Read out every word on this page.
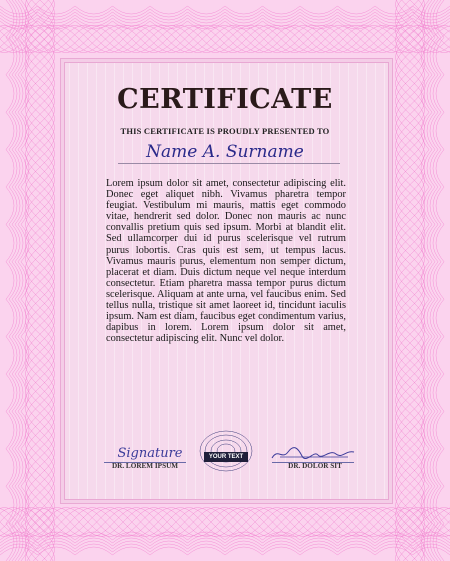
CERTIFICATE
THIS CERTIFICATE IS PROUDLY PRESENTED TO
Name A. Surname
Lorem ipsum dolor sit amet, consectetur adipiscing elit. Donec eget aliquet nibh. Vivamus pharetra tempor feugiat. Vestibulum mi mauris, mattis eget commodo vitae, hendrerit sed dolor. Donec non mauris ac nunc convallis pretium quis sed ipsum. Morbi at blandit elit. Sed ullamcorper dui id purus scelerisque vel rutrum purus lobortis. Cras quis est sem, ut tempus lacus. Vivamus mauris purus, elementum non semper dictum, placerat et diam. Duis dictum neque vel neque interdum consectetur. Etiam pharetra massa tempor purus dictum scelerisque. Aliquam at ante urna, vel faucibus enim. Sed tellus nulla, tristique sit amet laoreet id, tincidunt iaculis ipsum. Nam est diam, faucibus eget condimentum varius, dapibus in lorem. Lorem ipsum dolor sit amet, consectetur adipiscing elit. Nunc vel dolor.
Signature
DR. LOREM IPSUM
YOUR TEXT
DR. DOLOR SIT
